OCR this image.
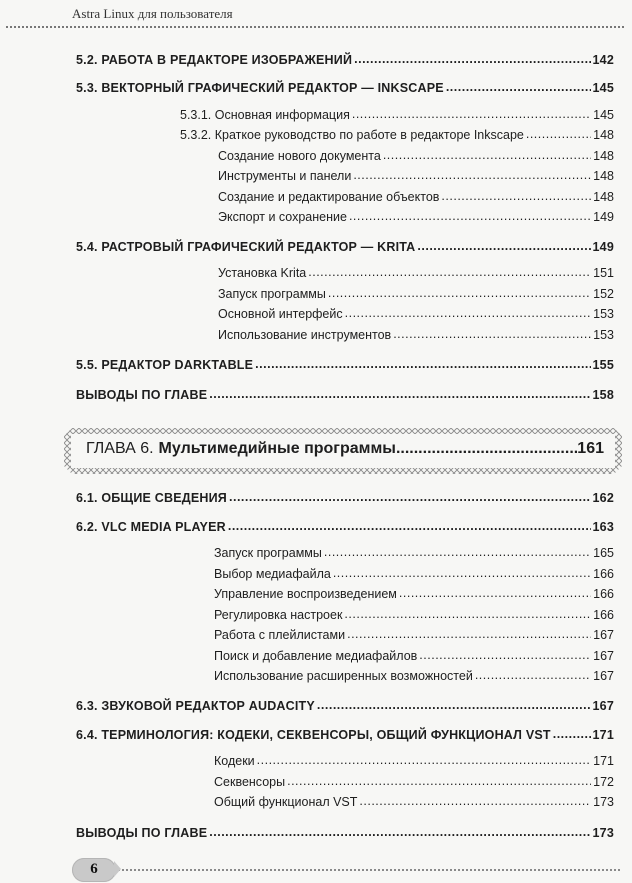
Astra Linux для пользователя
5.2. РАБОТА В РЕДАКТОРЕ ИЗОБРАЖЕНИЙ .....	142
5.3. ВЕКТОРНЫЙ ГРАФИЧЕСКИЙ РЕДАКТОР — INKSCAPE .....	145
5.3.1. Основная информация .....	145
5.3.2. Краткое руководство по работе в редакторе Inkscape .....	148
Создание нового документа .....	148
Инструменты и панели .....	148
Создание и редактирование объектов .....	148
Экспорт и сохранение .....	149
5.4. РАСТРОВЫЙ ГРАФИЧЕСКИЙ РЕДАКТОР — KRITA .....	149
Установка Krita .....	151
Запуск программы .....	152
Основной интерфейс .....	153
Использование инструментов .....	153
5.5. РЕДАКТОР DARKTABLE .....	155
ВЫВОДЫ ПО ГЛАВЕ .....	158
ГЛАВА 6. Мультимедийные программы .....	161
6.1. ОБЩИЕ СВЕДЕНИЯ .....	162
6.2. VLC MEDIA PLAYER .....	163
Запуск программы .....	165
Выбор медиафайла .....	166
Управление воспроизведением .....	166
Регулировка настроек .....	166
Работа с плейлистами .....	167
Поиск и добавление медиафайлов .....	167
Использование расширенных возможностей .....	167
6.3. ЗВУКОВОЙ РЕДАКТОР AUDACITY .....	167
6.4. ТЕРМИНОЛОГИЯ: КОДЕКИ, СЕКВЕНСОРЫ, ОБЩИЙ ФУНКЦИОНАЛ VST .....	171
Кодеки .....	171
Секвенсоры .....	172
Общий функционал VST .....	173
ВЫВОДЫ ПО ГЛАВЕ .....	173
6
